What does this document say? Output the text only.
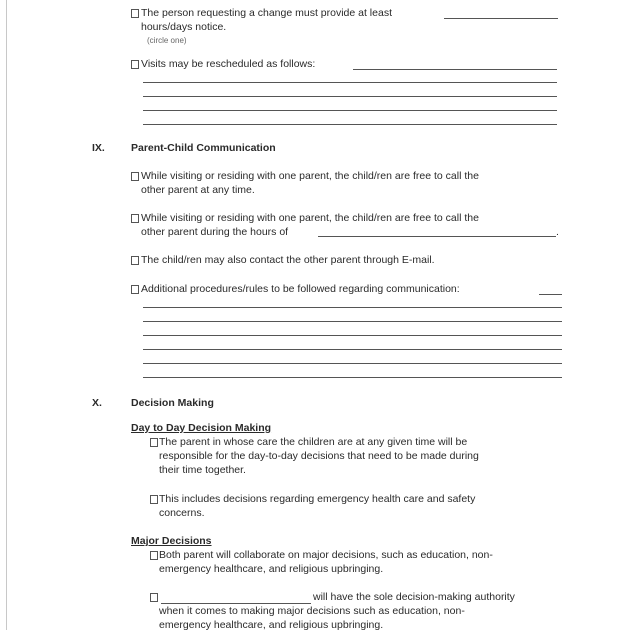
The person requesting a change must provide at least
hours/days notice.
(circle one)
Visits may be rescheduled as follows:
IX. Parent-Child Communication
While visiting or residing with one parent, the child/ren are free to call the
other parent at any time.
While visiting or residing with one parent, the child/ren are free to call the
other parent during the hours of	.
The child/ren may also contact the other parent through E-mail.
Additional procedures/rules to be followed regarding communication:
X.	Decision Making
Day to Day Decision Making
The parent in whose care the children are at any given time will be
responsible for the day-to-day decisions that need to be made during
their time together.
This includes decisions regarding emergency health care and safety
concerns.
Major Decisions
Both parent will collaborate on major decisions, such as education, non-
emergency healthcare, and religious upbringing.
will have the sole decision-making authority
when it comes to making major decisions such as education, non-
emergency healthcare, and religious upbringing.
